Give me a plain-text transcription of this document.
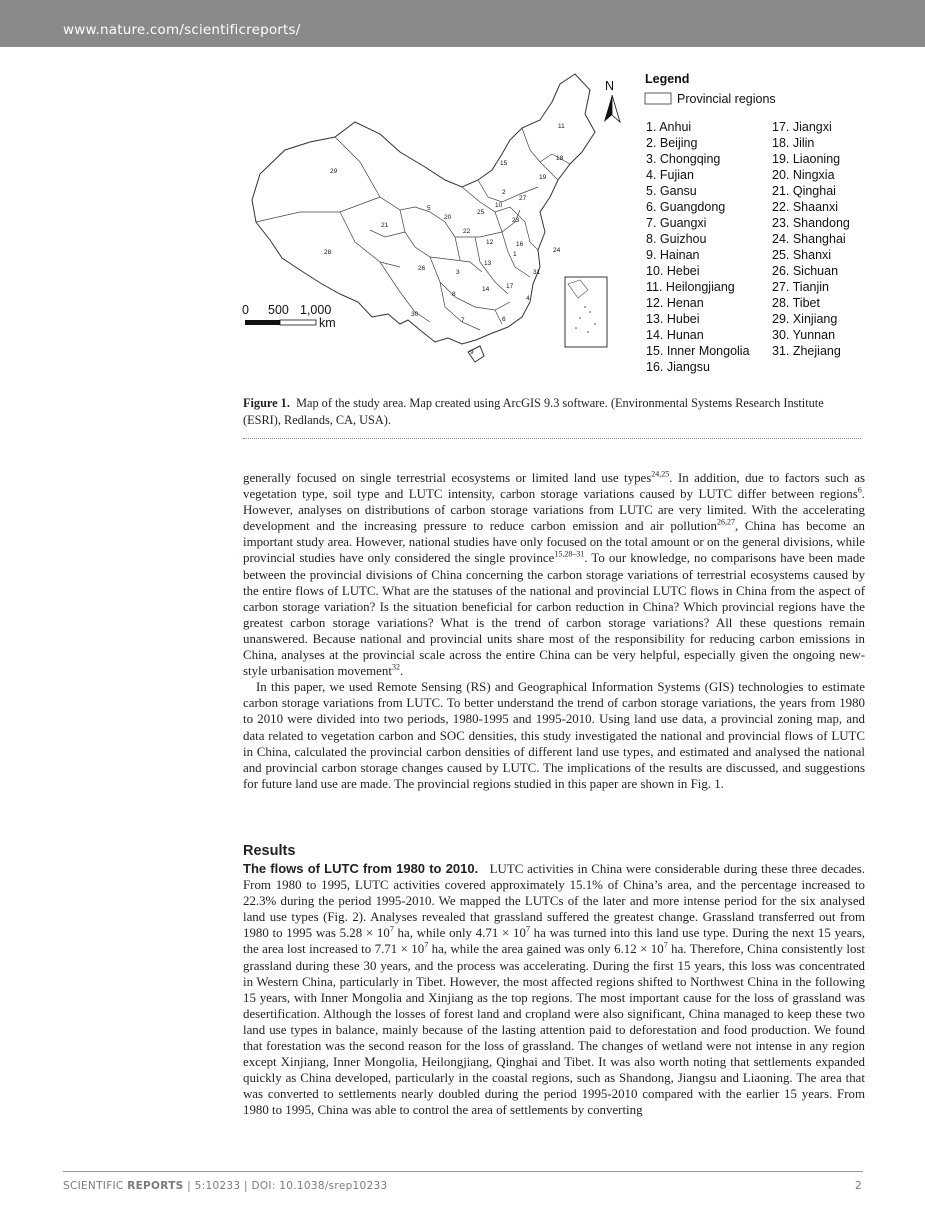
www.nature.com/scientificreports/
11
18
19
15
29
27
10
2
25
23
5
20
21
22
12	16
24
1
28
13
26
3	31
14	17
4
8
30
7	6
9
N
0 500 1,000
km
Legend
Provincial regions
1. Anhui
2. Beijing
3. Chongqing
4. Fujian
5. Gansu
6. Guangdong
7. Guangxi
8. Guizhou
9. Hainan
10. Hebei
11. Heilongjiang
12. Henan
13. Hubei
14. Hunan
15. Inner Mongolia
16. Jiangsu
17. Jiangxi
18. Jilin
19. Liaoning
20. Ningxia
21. Qinghai
22. Shaanxi
23. Shandong
24. Shanghai
25. Shanxi
26. Sichuan
27. Tianjin
28. Tibet
29. Xinjiang
30. Yunnan
31. Zhejiang
Figure 1. Map of the study area. Map created using ArcGIS 9.3 software. (Environmental Systems Research Institute (ESRI), Redlands, CA, USA).

generally focused on single terrestrial ecosystems or limited land use types$^{24,25}$. In addition, due to factors such as vegetation type, soil type and LUTC intensity, carbon storage variations caused by LUTC differ between regions$^6$. However, analyses on distributions of carbon storage variations from LUTC are very limited. With the accelerating development and the increasing pressure to reduce carbon emission and air pollution$^{26,27}$, China has become an important study area. However, national studies have only focused on the total amount or on the general divisions, while provincial studies have only considered the single province$^{15,28-31}$. To our knowledge, no comparisons have been made between the provincial divisions of China concerning the carbon storage variations of terrestrial ecosystems caused by the entire flows of LUTC. What are the statuses of the national and provincial LUTC flows in China from the aspect of carbon storage variation? Is the situation beneficial for carbon reduction in China? Which provincial regions have the greatest carbon storage variations? What is the trend of carbon storage variations? All these questions remain unanswered. Because national and provincial units share most of the responsibility for reducing carbon emissions in China, analyses at the provincial scale across the entire China can be very helpful, especially given the ongoing new-style urbanisation movement$^{32}$.

In this paper, we used Remote Sensing (RS) and Geographical Information Systems (GIS) technologies to estimate carbon storage variations from LUTC. To better understand the trend of carbon storage variations, the years from 1980 to 2010 were divided into two periods, 1980-1995 and 1995-2010. Using land use data, a provincial zoning map, and data related to vegetation carbon and SOC densities, this study investigated the national and provincial flows of LUTC in China, calculated the provincial carbon densities of different land use types, and estimated and analysed the national and provincial carbon storage changes caused by LUTC. The implications of the results are discussed, and suggestions for future land use are made. The provincial regions studied in this paper are shown in Fig. 1.

Results

The flows of LUTC from 1980 to 2010. LUTC activities in China were considerable during these three decades. From 1980 to 1995, LUTC activities covered approximately 15.1% of China’s area, and the percentage increased to 22.3% during the period 1995-2010. We mapped the LUTCs of the later and more intense period for the six analysed land use types (Fig. 2). Analyses revealed that grassland suffered the greatest change. Grassland transferred out from 1980 to 1995 was $5.28 \times 10^7$ ha, while only $4.71 \times 10^7$ ha was turned into this land use type. During the next 15 years, the area lost increased to $7.71 \times 10^7$ ha, while the area gained was only $6.12 \times 10^7$ ha. Therefore, China consistently lost grassland during these 30 years, and the process was accelerating. During the first 15 years, this loss was concentrated in Western China, particularly in Tibet. However, the most affected regions shifted to Northwest China in the following 15 years, with Inner Mongolia and Xinjiang as the top regions. The most important cause for the loss of grassland was desertification. Although the losses of forest land and cropland were also significant, China managed to keep these two land use types in balance, mainly because of the lasting attention paid to deforestation and food production. We found that forestation was the second reason for the loss of grassland. The changes of wetland were not intense in any region except Xinjiang, Inner Mongolia, Heilongjiang, Qinghai and Tibet. It was also worth noting that settlements expanded quickly as China developed, particularly in the coastal regions, such as Shandong, Jiangsu and Liaoning. The area that was converted to settlements nearly doubled during the period 1995-2010 compared with the earlier 15 years. From 1980 to 1995, China was able to control the area of settlements by converting

SCIENTIFIC REPORTS | 5:10233 | DOI: 10.1038/srep10233	2
